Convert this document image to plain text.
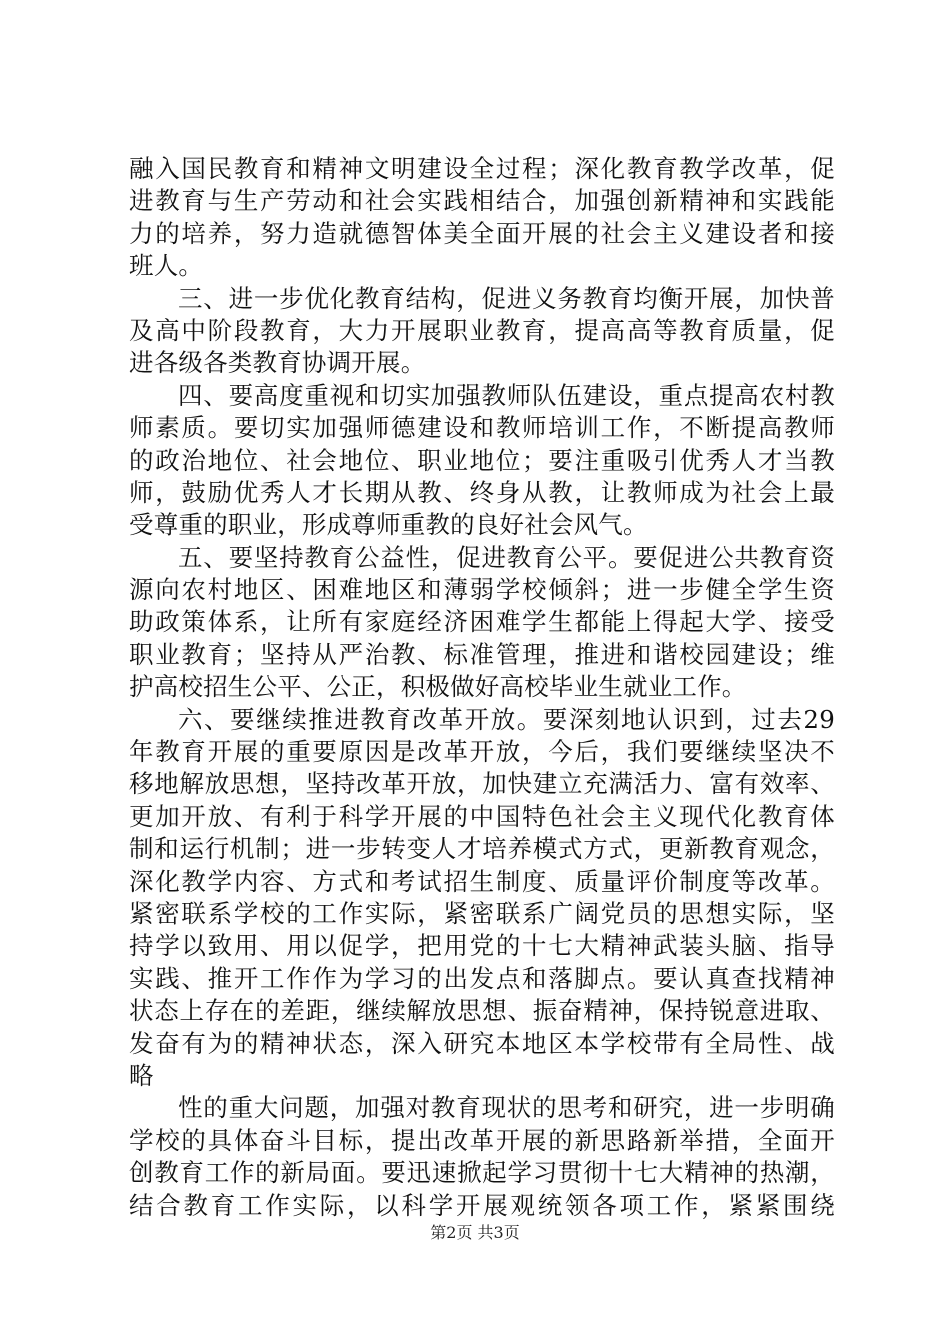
融入国民教育和精神文明建设全过程；深化教育教学改革，促
进教育与生产劳动和社会实践相结合，加强创新精神和实践能
力的培养，努力造就德智体美全面开展的社会主义建设者和接
班人。
三、进一步优化教育结构，促进义务教育均衡开展，加快普
及高中阶段教育，大力开展职业教育，提高高等教育质量，促
进各级各类教育协调开展。
四、要高度重视和切实加强教师队伍建设，重点提高农村教
师素质。要切实加强师德建设和教师培训工作，不断提高教师
的政治地位、社会地位、职业地位；要注重吸引优秀人才当教
师，鼓励优秀人才长期从教、终身从教，让教师成为社会上最
受尊重的职业，形成尊师重教的良好社会风气。
五、要坚持教育公益性，促进教育公平。要促进公共教育资
源向农村地区、困难地区和薄弱学校倾斜；进一步健全学生资
助政策体系，让所有家庭经济困难学生都能上得起大学、接受
职业教育；坚持从严治教、标准管理，推进和谐校园建设；维
护高校招生公平、公正，积极做好高校毕业生就业工作。
六、要继续推进教育改革开放。要深刻地认识到，过去29
年教育开展的重要原因是改革开放，今后，我们要继续坚决不
移地解放思想，坚持改革开放，加快建立充满活力、富有效率、
更加开放、有利于科学开展的中国特色社会主义现代化教育体
制和运行机制；进一步转变人才培养模式方式，更新教育观念，
深化教学内容、方式和考试招生制度、质量评价制度等改革。
紧密联系学校的工作实际，紧密联系广阔党员的思想实际，坚
持学以致用、用以促学，把用党的十七大精神武装头脑、指导
实践、推开工作作为学习的出发点和落脚点。要认真查找精神
状态上存在的差距，继续解放思想、振奋精神，保持锐意进取、
发奋有为的精神状态，深入研究本地区本学校带有全局性、战
略
性的重大问题，加强对教育现状的思考和研究，进一步明确
学校的具体奋斗目标，提出改革开展的新思路新举措，全面开
创教育工作的新局面。要迅速掀起学习贯彻十七大精神的热潮，
结合教育工作实际，以科学开展观统领各项工作，紧紧围绕
第2页 共3页
